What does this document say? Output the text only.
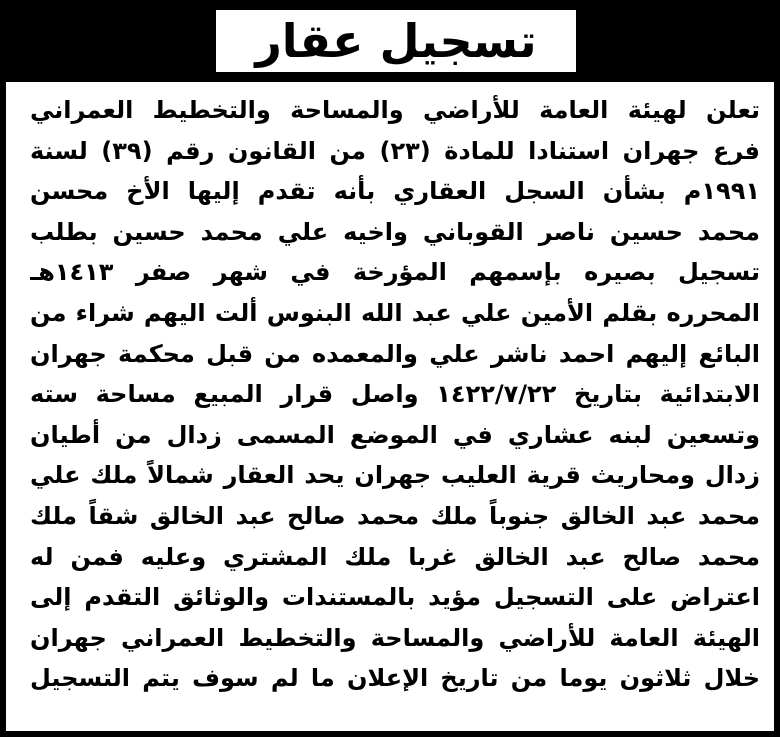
تسجيل عقار
تعلن لهيئة العامة للأراضي والمساحة والتخطيط العمراني
فرع جهران استنادا للمادة (٢٣) من القانون رقم (٣٩) لسنة
١٩٩١م بشأن السجل العقاري بأنه تقدم إليها الأخ محسن
محمد حسين ناصر القوباني واخيه علي محمد حسين بطلب
تسجيل بصيره بإسمهم المؤرخة في شهر صفر ١٤١٣هـ
المحرره بقلم الأمين علي عبد الله البنوس ألت اليهم شراء من
البائع إليهم احمد ناشر علي والمعمده من قبل محكمة جهران
الابتدائية بتاريخ ١٤٢٢/٧/٢٢ واصل قرار المبيع مساحة سته
وتسعين لبنه عشاري في الموضع المسمى زدال من أطيان
زدال ومحاريث قرية العليب جهران يحد العقار شمالاً ملك علي
محمد عبد الخالق جنوباً ملك محمد صالح عبد الخالق شقاً ملك
محمد صالح عبد الخالق غربا ملك المشتري وعليه فمن له
اعتراض على التسجيل مؤيد بالمستندات والوثائق التقدم إلى
الهيئة العامة للأراضي والمساحة والتخطيط العمراني جهران
خلال ثلاثون يوما من تاريخ الإعلان ما لم سوف يتم التسجيل
